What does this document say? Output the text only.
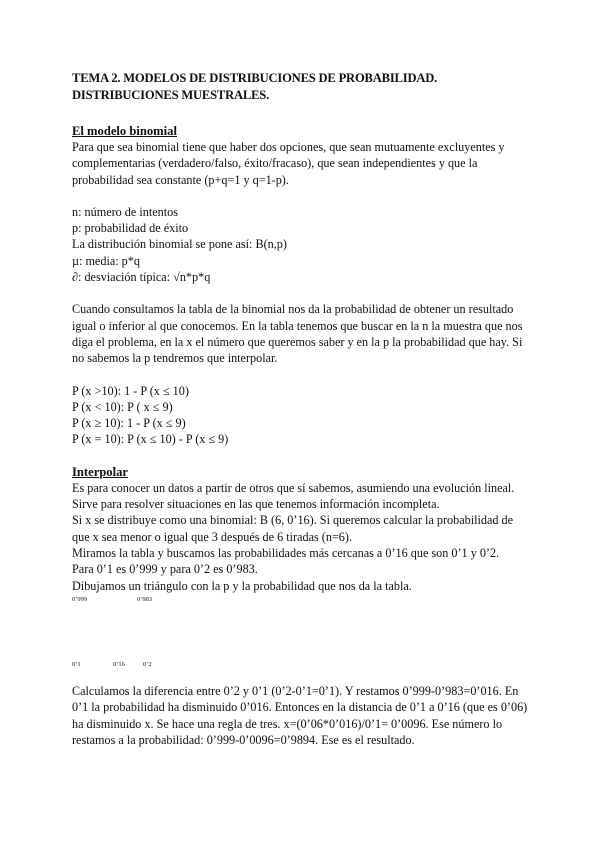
TEMA 2. MODELOS DE DISTRIBUCIONES DE PROBABILIDAD.
DISTRIBUCIONES MUESTRALES.
El modelo binomial

Para que sea binomial tiene que haber dos opciones, que sean mutuamente excluyentes y complementarias (verdadero/falso, éxito/fracaso), que sean independientes y que la probabilidad sea constante (p+q=1 y q=1-p).

n: número de intentos
p: probabilidad de éxito
La distribución binomial se pone así: B(n,p)
µ: media: p*q
∂: desviación típica: √n*p*q

Cuando consultamos la tabla de la binomial nos da la probabilidad de obtener un resultado igual o inferior al que conocemos. En la tabla tenemos que buscar en la n la muestra que nos diga el problema, en la x el número que queremos saber y en la p la probabilidad que hay. Si no sabemos la p tendremos que interpolar.

P (x >10): 1 - P (x ≤ 10)
P (x < 10): P ( x ≤ 9)
P (x ≥ 10): 1 - P (x ≤ 9)
P (x = 10): P (x ≤ 10) - P (x ≤ 9)
Interpolar

Es para conocer un datos a partir de otros que sí sabemos, asumiendo una evolución lineal.

Sirve para resolver situaciones en las que tenemos información incompleta.

Si x se distribuye como una binomial: B (6, 0’16). Si queremos calcular la probabilidad de que x sea menor o igual que 3 después de 6 tiradas (n=6).

Miramos la tabla y buscamos las probabilidades más cercanas a 0’16 que son 0’1 y 0’2.

Para 0’1 es 0’999 y para 0’2 es 0’983.

Dibujamos un triángulo con la p y la probabilidad que nos da la tabla.

0’999	0’983
0’1	0’16	0’2

Calculamos la diferencia entre 0’2 y 0’1 (0’2-0’1=0’1). Y restamos 0’999-0’983=0’016. En 0’1 la probabilidad ha disminuido 0’016. Entonces en la distancia de 0’1 a 0’16 (que es 0’06) ha disminuido x. Se hace una regla de tres. x=(0’06*0’016)/0’1= 0’0096. Ese número lo restamos a la probabilidad: 0’999-0’0096=0’9894. Ese es el resultado.
